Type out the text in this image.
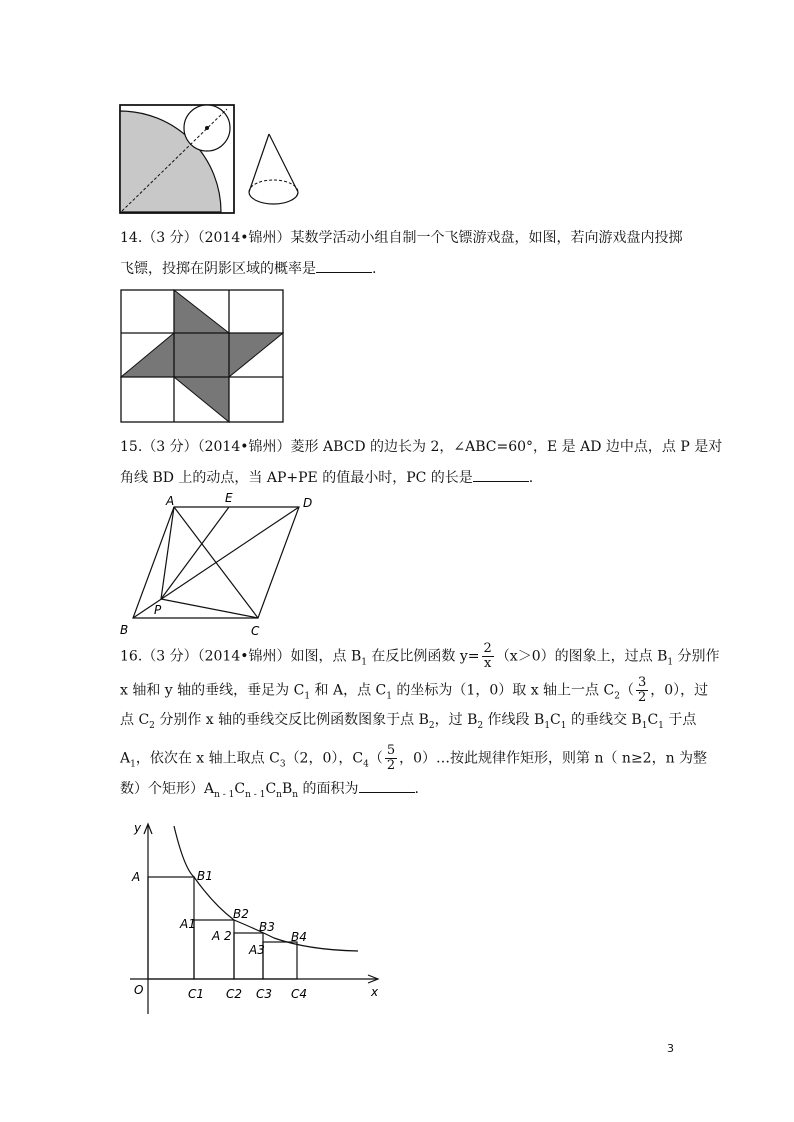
14.（3 分）（2014•锦州）某数学活动小组自制一个飞镖游戏盘，如图，若向游戏盘内投掷
飞镖，投掷在阴影区域的概率是	.
15.（3 分）（2014•锦州）菱形 ABCD 的边长为 2，∠ABC=60°，E 是 AD 边中点，点 P 是对
角线 BD 上的动点，当 AP+PE 的值最小时，PC 的长是	.
A	E	D
B	C
P
16.（3 分）（2014•锦州）如图，点 $B_1$ 在反比例函数 $y= \frac{2}{x} (x>0)$的图象上，过点 $B_1$ 分别作
x 轴和 y 轴的垂线，垂足为 $C_1$ 和 A，点 $C_1$ 的坐标为（1，0）取 x 轴上一点 $C_2( \frac{3}{2}$ ，0），过
点 $C_2$ 分别作 x 轴的垂线交反比例函数图象于点 $B_2$，过 $B_2$ 作线段 $B_1C_1$ 的垂线交 $B_1C_1$ 于点
$A_1$，依次在 x 轴上取点 $C_3(2$，0），$C_4( \frac{5}{2}$ ，0）…按此规律作矩形，则第 n（ n≥2，n 为整
数）个矩形）$A_{n - 1}C_{n - 1}C_nB_n$ 的面积为	.
y
x
O
A	B1
A1
B2
A 2
B3
A3
B4
C1 C2 C3 C4
3
